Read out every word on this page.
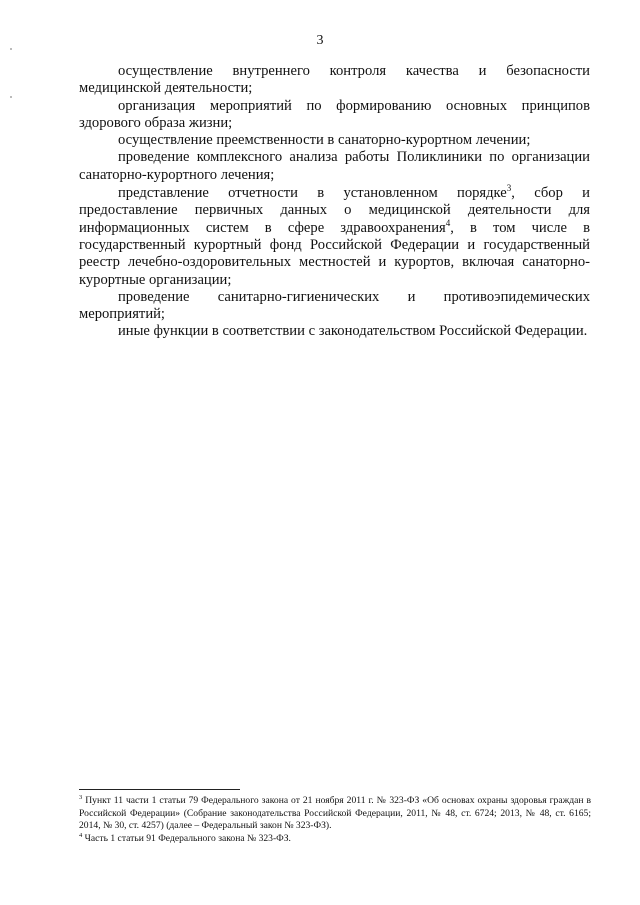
3

осуществление внутреннего контроля качества и безопасности медицинской деятельности;

организация мероприятий по формированию основных принципов здорового образа жизни;

осуществление преемственности в санаторно-курортном лечении;

проведение комплексного анализа работы Поликлиники по организации санаторно-курортного лечения;

представление отчетности в установленном порядке$^3$, сбор и предоставление первичных данных о медицинской деятельности для информационных систем в сфере здравоохранения$^4$, в том числе в государственный курортный фонд Российской Федерации и государственный реестр лечебно-оздоровительных местностей и курортов, включая санаторно-курортные организации;

проведение санитарно-гигиенических и противоэпидемических мероприятий;

иные функции в соответствии с законодательством Российской Федерации.

$^3$ Пункт 11 части 1 статьи 79 Федерального закона от 21 ноября 2011 г. № 323-ФЗ «Об основах охраны здоровья граждан в Российской Федерации» (Собрание законодательства Российской Федерации, 2011, № 48, ст. 6724; 2013, № 48, ст. 6165; 2014, № 30, ст. 4257) (далее – Федеральный закон № 323-ФЗ).

$^4$ Часть 1 статьи 91 Федерального закона № 323-ФЗ.
